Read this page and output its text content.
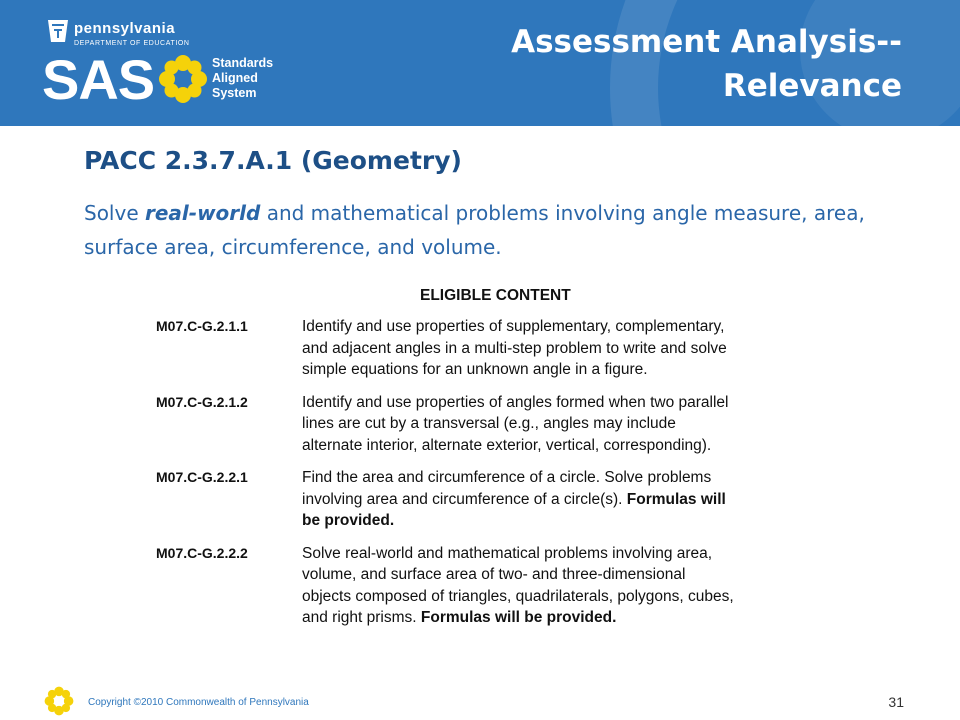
pennsylvania
DEPARTMENT OF EDUCATION
SAS	Standards
Aligned
System
Assessment Analysis--
Relevance
PACC 2.3.7.A.1 (Geometry)
Solve real-world and mathematical problems involving angle measure, area, surface area, circumference, and volume.
ELIGIBLE CONTENT
M07.C-G.2.1.1	Identify and use properties of supplementary, complementary, and adjacent angles in a multi-step problem to write and solve simple equations for an unknown angle in a figure.
M07.C-G.2.1.2	Identify and use properties of angles formed when two parallel lines are cut by a transversal (e.g., angles may include alternate interior, alternate exterior, vertical, corresponding).
M07.C-G.2.2.1	Find the area and circumference of a circle. Solve problems involving area and circumference of a circle(s). Formulas will be provided.
M07.C-G.2.2.2	Solve real-world and mathematical problems involving area, volume, and surface area of two- and three-dimensional objects composed of triangles, quadrilaterals, polygons, cubes, and right prisms. Formulas will be provided.
Copyright ©2010 Commonwealth of Pennsylvania	31
